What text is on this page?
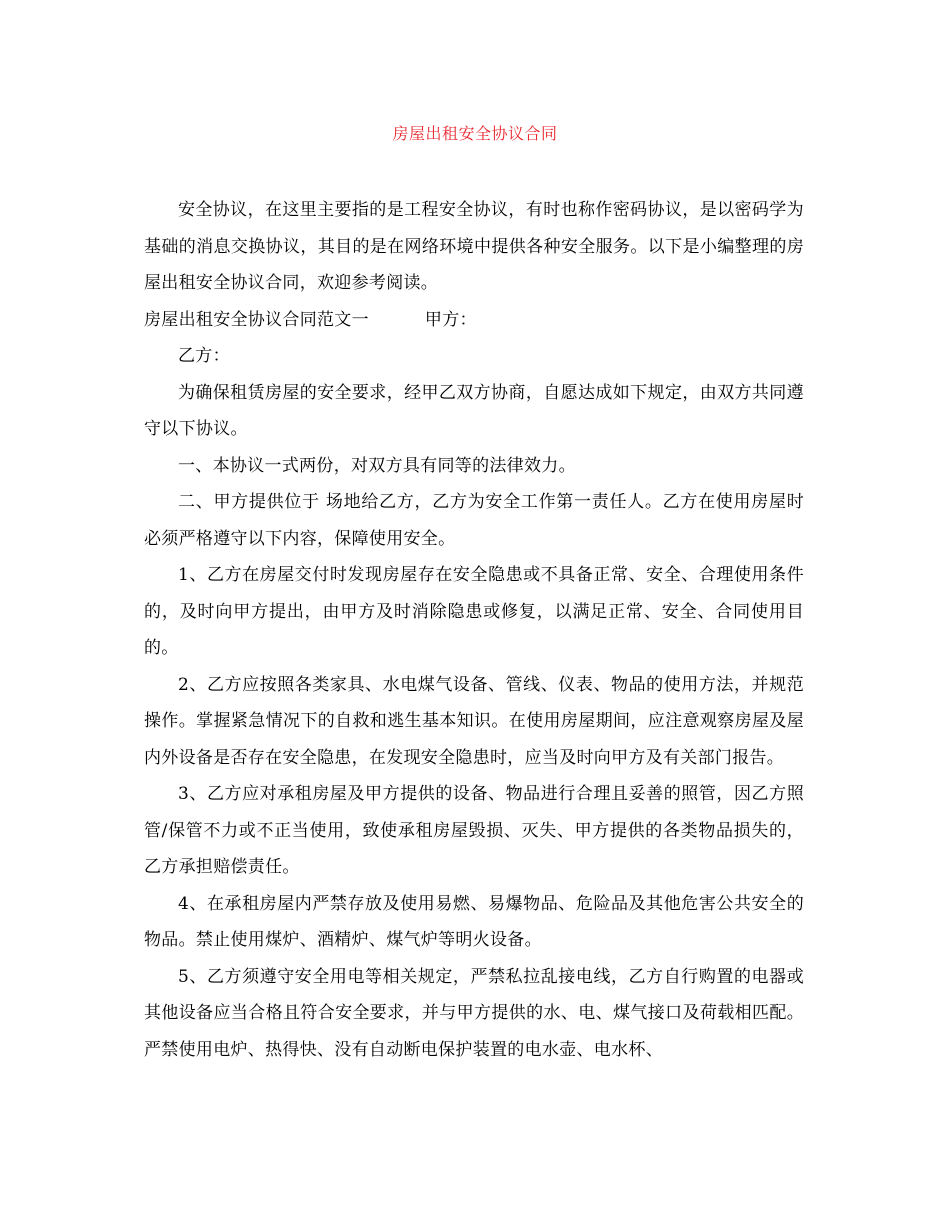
房屋出租安全协议合同

安全协议，在这里主要指的是工程安全协议，有时也称作密码协议，是以密码学为基础的消息交换协议，其目的是在网络环境中提供各种安全服务。以下是小编整理的房屋出租安全协议合同，欢迎参考阅读。

房屋出租安全协议合同范文一	甲方：

乙方：

为确保租赁房屋的安全要求，经甲乙双方协商，自愿达成如下规定，由双方共同遵守以下协议。

一、本协议一式两份，对双方具有同等的法律效力。

二、甲方提供位于 场地给乙方，乙方为安全工作第一责任人。乙方在使用房屋时必须严格遵守以下内容，保障使用安全。

1、乙方在房屋交付时发现房屋存在安全隐患或不具备正常、安全、合理使用条件的，及时向甲方提出，由甲方及时消除隐患或修复，以满足正常、安全、合同使用目的。

2、乙方应按照各类家具、水电煤气设备、管线、仪表、物品的使用方法，并规范操作。掌握紧急情况下的自救和逃生基本知识。在使用房屋期间，应注意观察房屋及屋内外设备是否存在安全隐患，在发现安全隐患时，应当及时向甲方及有关部门报告。

3、乙方应对承租房屋及甲方提供的设备、物品进行合理且妥善的照管，因乙方照管/保管不力或不正当使用，致使承租房屋毁损、灭失、甲方提供的各类物品损失的，乙方承担赔偿责任。

4、在承租房屋内严禁存放及使用易燃、易爆物品、危险品及其他危害公共安全的物品。禁止使用煤炉、酒精炉、煤气炉等明火设备。

5、乙方须遵守安全用电等相关规定，严禁私拉乱接电线，乙方自行购置的电器或其他设备应当合格且符合安全要求，并与甲方提供的水、电、煤气接口及荷载相匹配。严禁使用电炉、热得快、没有自动断电保护装置的电水壶、电水杯、
